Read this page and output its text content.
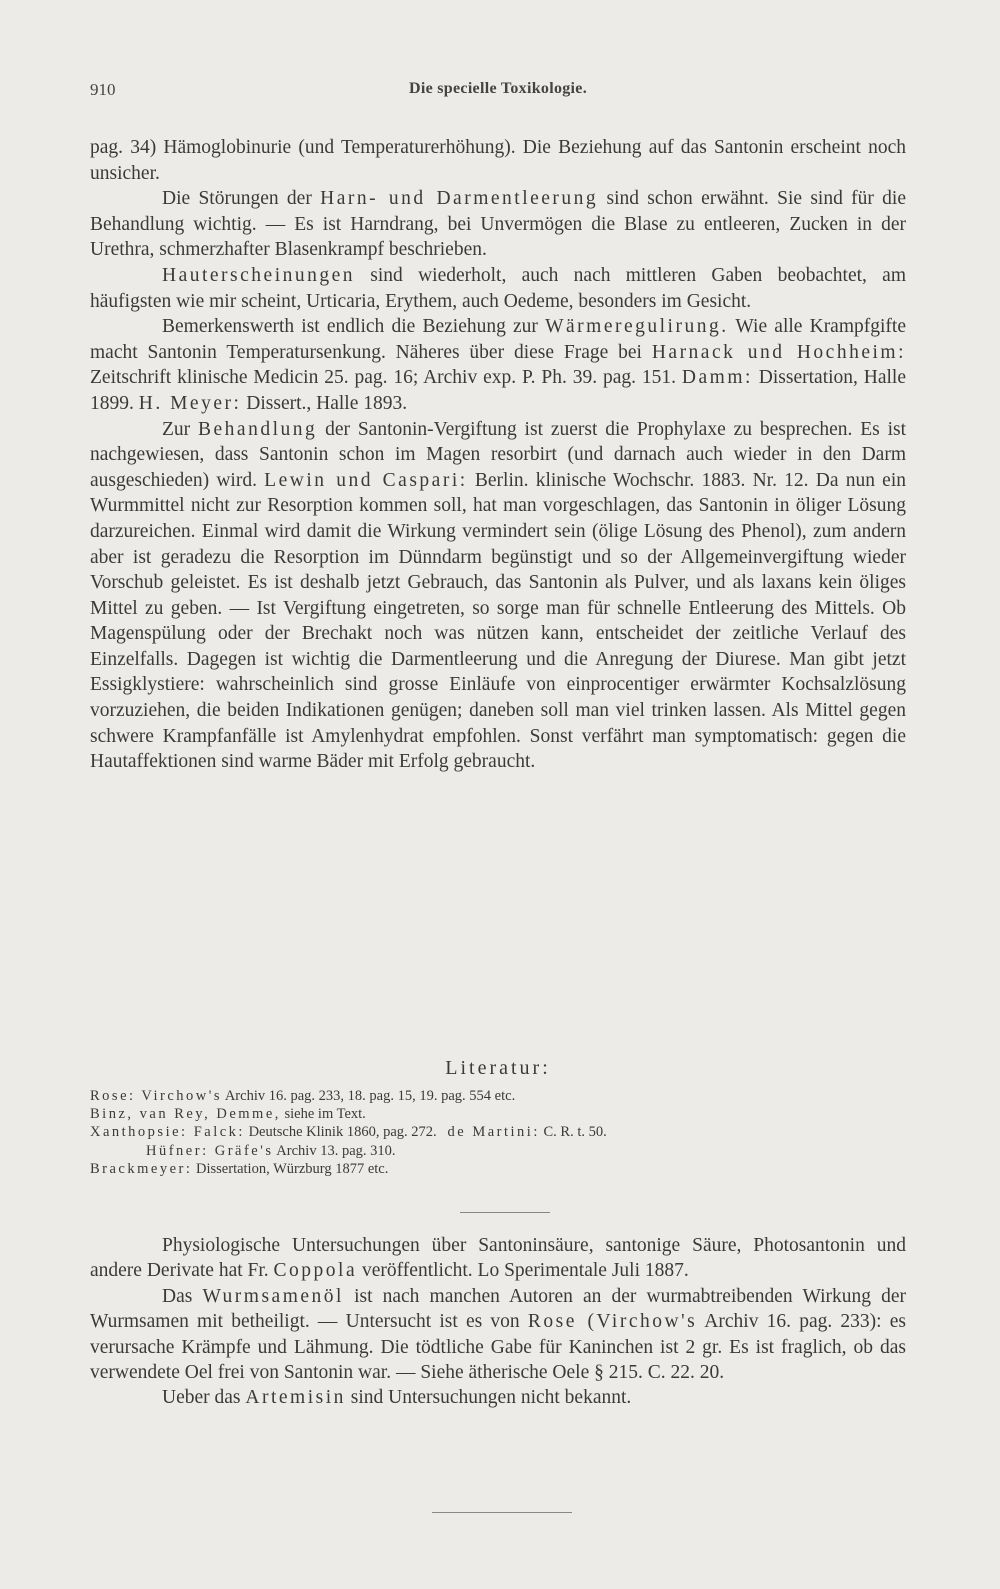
910	Die specielle Toxikologie.

pag. 34) Hämoglobinurie (und Temperaturerhöhung). Die Beziehung auf das Santonin erscheint noch unsicher.

Die Störungen der Harn- und Darmentleerung sind schon erwähnt. Sie sind für die Behandlung wichtig. — Es ist Harndrang, bei Unvermögen die Blase zu entleeren, Zucken in der Urethra, schmerzhafter Blasenkrampf beschrieben.

Hauterscheinungen sind wiederholt, auch nach mittleren Gaben beobachtet, am häufigsten wie mir scheint, Urticaria, Erythem, auch Oedeme, besonders im Gesicht.

Bemerkenswerth ist endlich die Beziehung zur Wärmeregulirung. Wie alle Krampfgifte macht Santonin Temperatursenkung. Näheres über diese Frage bei Harnack und Hochheim: Zeitschrift klinische Medicin 25. pag. 16; Archiv exp. P. Ph. 39. pag. 151. Damm: Dissertation, Halle 1899. H. Meyer: Dissert., Halle 1893.

Zur Behandlung der Santonin-Vergiftung ist zuerst die Prophylaxe zu besprechen. Es ist nachgewiesen, dass Santonin schon im Magen resorbirt (und darnach auch wieder in den Darm ausgeschieden) wird. Lewin und Caspari: Berlin. klinische Wochschr. 1883. Nr. 12. Da nun ein Wurmmittel nicht zur Resorption kommen soll, hat man vorgeschlagen, das Santonin in öliger Lösung darzureichen. Einmal wird damit die Wirkung vermindert sein (ölige Lösung des Phenol), zum andern aber ist geradezu die Resorption im Dünndarm begünstigt und so der Allgemeinvergiftung wieder Vorschub geleistet. Es ist deshalb jetzt Gebrauch, das Santonin als Pulver, und als laxans kein öliges Mittel zu geben. — Ist Vergiftung eingetreten, so sorge man für schnelle Entleerung des Mittels. Ob Magenspülung oder der Brechakt noch was nützen kann, entscheidet der zeitliche Verlauf des Einzelfalls. Dagegen ist wichtig die Darmentleerung und die Anregung der Diurese. Man gibt jetzt Essigklystiere: wahrscheinlich sind grosse Einläufe von einprocentiger erwärmter Kochsalzlösung vorzuziehen, die beiden Indikationen genügen; daneben soll man viel trinken lassen. Als Mittel gegen schwere Krampfanfälle ist Amylenhydrat empfohlen. Sonst verfährt man symptomatisch: gegen die Hautaffektionen sind warme Bäder mit Erfolg gebraucht.

Literatur:
Rose: Virchow's Archiv 16. pag. 233, 18. pag. 15, 19. pag. 554 etc.
Binz, van Rey, Demme, siehe im Text.
Xanthopsie: Falck: Deutsche Klinik 1860, pag. 272.   de Martini: C. R. t. 50.
Hüfner: Gräfe's Archiv 13. pag. 310.
Brackmeyer: Dissertation, Würzburg 1877 etc.

Physiologische Untersuchungen über Santoninsäure, santonige Säure, Photosantonin und andere Derivate hat Fr. Coppola veröffentlicht. Lo Sperimentale Juli 1887.

Das Wurmsamenöl ist nach manchen Autoren an der wurmabtreibenden Wirkung der Wurmsamen mit betheiligt. — Untersucht ist es von Rose (Virchow's Archiv 16. pag. 233): es verursache Krämpfe und Lähmung. Die tödtliche Gabe für Kaninchen ist 2 gr. Es ist fraglich, ob das verwendete Oel frei von Santonin war. — Siehe ätherische Oele § 215. C. 22. 20.

Ueber das Artemisin sind Untersuchungen nicht bekannt.
